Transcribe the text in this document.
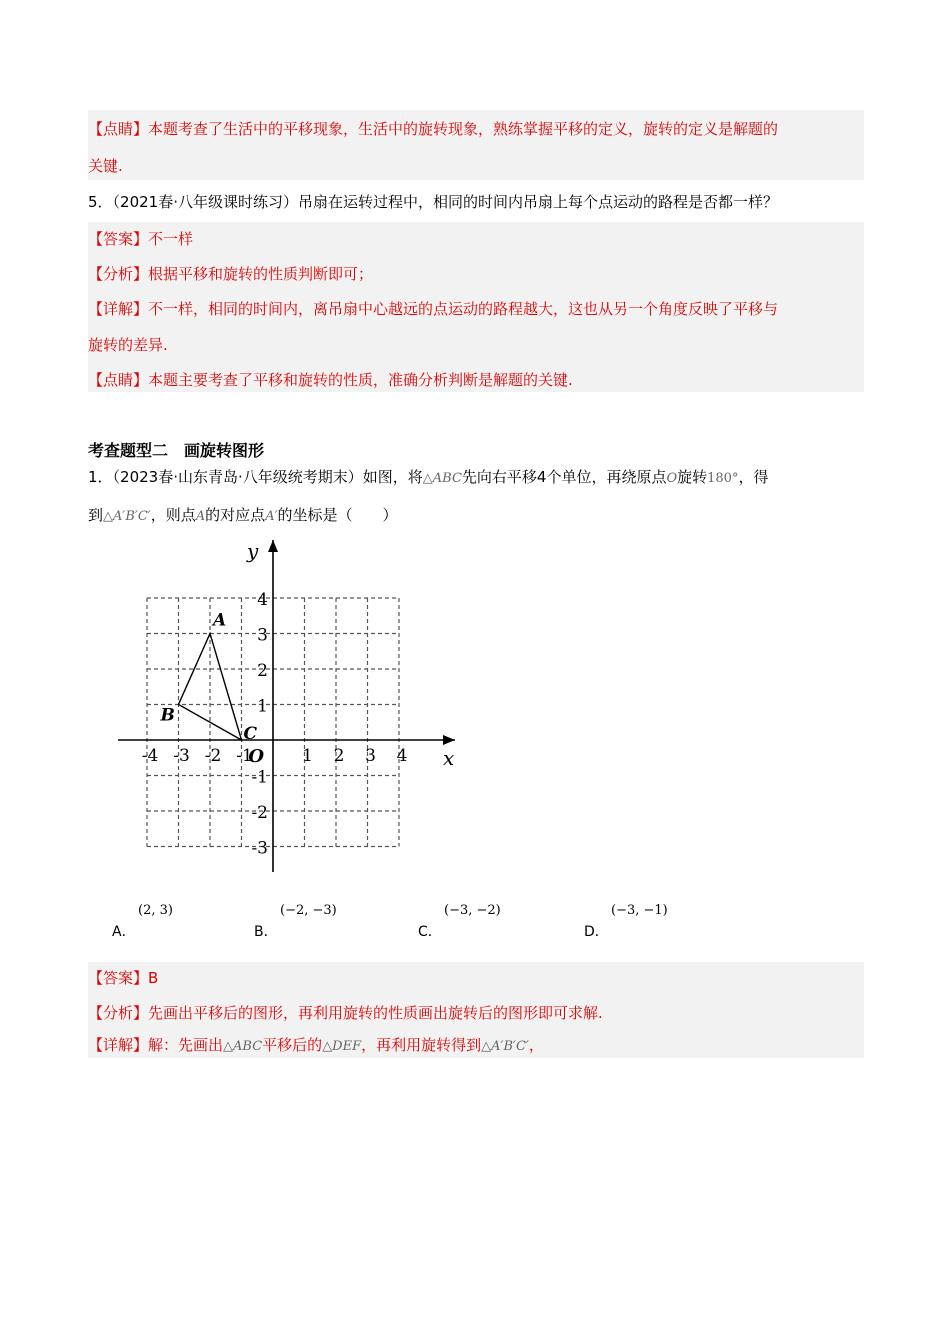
【点睛】本题考查了生活中的平移现象，生活中的旋转现象，熟练掌握平移的定义，旋转的定义是解题的
关键.
5．（2021春·八年级课时练习）吊扇在运转过程中，相同的时间内吊扇上每个点运动的路程是否都一样？
【答案】不一样
【分析】根据平移和旋转的性质判断即可；
【详解】不一样，相同的时间内，离吊扇中心越远的点运动的路程越大，这也从另一个角度反映了平移与
旋转的差异.
【点睛】本题主要考查了平移和旋转的性质，准确分析判断是解题的关键.
考查题型二　画旋转图形
1．（2023春·山东青岛·八年级统考期末）如图，将△ABC先向右平移4个单位，再绕原点O旋转180°，得
到△A′B′C′，则点A的对应点A′的坐标是（　　）
x
y
-4 -3 -2 -1	1 2 3 4
4
3
2
1
-1
-2
-3
O
A
B
C
(2, 3)
A．
(−2, −3)
B．
(−3, −2)
C．
(−3, −1)
D．
【答案】B
【分析】先画出平移后的图形，再利用旋转的性质画出旋转后的图形即可求解.
【详解】解：先画出△ABC平移后的△DEF，再利用旋转得到△A′B′C′，
